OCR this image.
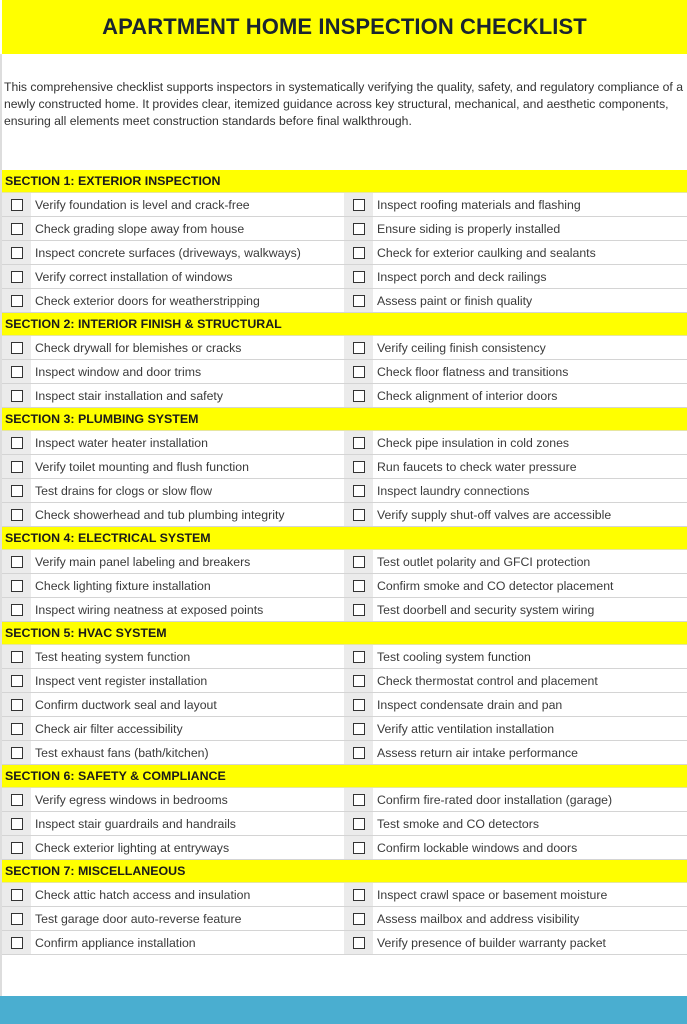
APARTMENT HOME INSPECTION CHECKLIST

This comprehensive checklist supports inspectors in systematically verifying the quality, safety, and regulatory compliance of a newly constructed home. It provides clear, itemized guidance across key structural, mechanical, and aesthetic components, ensuring all elements meet construction standards before final walkthrough.

SECTION 1: EXTERIOR INSPECTION
Verify foundation is level and crack-free	Inspect roofing materials and flashing
Check grading slope away from house	Ensure siding is properly installed
Inspect concrete surfaces (driveways, walkways)	Check for exterior caulking and sealants
Verify correct installation of windows	Inspect porch and deck railings
Check exterior doors for weatherstripping	Assess paint or finish quality
SECTION 2: INTERIOR FINISH & STRUCTURAL
Check drywall for blemishes or cracks	Verify ceiling finish consistency
Inspect window and door trims	Check floor flatness and transitions
Inspect stair installation and safety	Check alignment of interior doors
SECTION 3: PLUMBING SYSTEM
Inspect water heater installation	Check pipe insulation in cold zones
Verify toilet mounting and flush function	Run faucets to check water pressure
Test drains for clogs or slow flow	Inspect laundry connections
Check showerhead and tub plumbing integrity	Verify supply shut-off valves are accessible
SECTION 4: ELECTRICAL SYSTEM
Verify main panel labeling and breakers	Test outlet polarity and GFCI protection
Check lighting fixture installation	Confirm smoke and CO detector placement
Inspect wiring neatness at exposed points	Test doorbell and security system wiring
SECTION 5: HVAC SYSTEM
Test heating system function	Test cooling system function
Inspect vent register installation	Check thermostat control and placement
Confirm ductwork seal and layout	Inspect condensate drain and pan
Check air filter accessibility	Verify attic ventilation installation
Test exhaust fans (bath/kitchen)	Assess return air intake performance
SECTION 6: SAFETY & COMPLIANCE
Verify egress windows in bedrooms	Confirm fire-rated door installation (garage)
Inspect stair guardrails and handrails	Test smoke and CO detectors
Check exterior lighting at entryways	Confirm lockable windows and doors
SECTION 7: MISCELLANEOUS
Check attic hatch access and insulation	Inspect crawl space or basement moisture
Test garage door auto-reverse feature	Assess mailbox and address visibility
Confirm appliance installation	Verify presence of builder warranty packet
